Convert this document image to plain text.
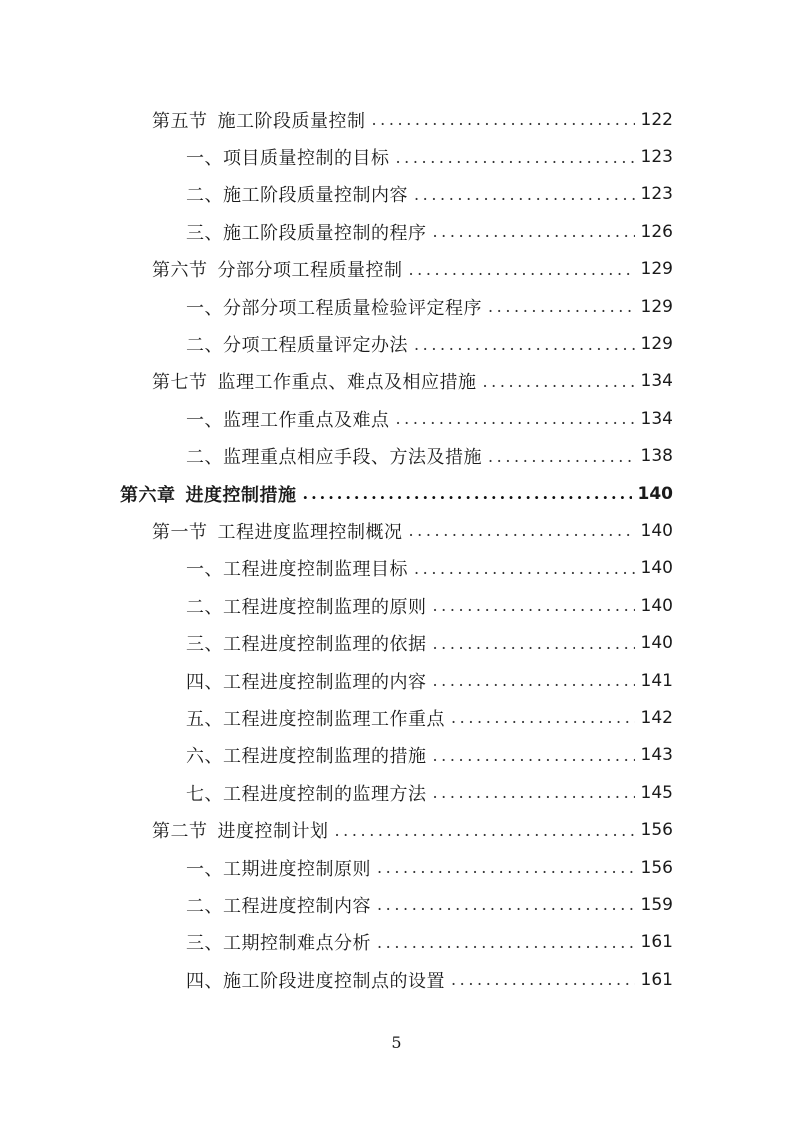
第五节 施工阶段质量控制 .....	122
一、项目质量控制的目标 .....	123
二、施工阶段质量控制内容 .....	123
三、施工阶段质量控制的程序 .....	126
第六节 分部分项工程质量控制 .....	129
一、分部分项工程质量检验评定程序 .....	129
二、分项工程质量评定办法 .....	129
第七节 监理工作重点、难点及相应措施 .....	134
一、监理工作重点及难点 .....	134
二、监理重点相应手段、方法及措施 .....	138
第六章 进度控制措施 .....	140
第一节 工程进度监理控制概况 .....	140
一、工程进度控制监理目标 .....	140
二、工程进度控制监理的原则 .....	140
三、工程进度控制监理的依据 .....	140
四、工程进度控制监理的内容 .....	141
五、工程进度控制监理工作重点 .....	142
六、工程进度控制监理的措施 .....	143
七、工程进度控制的监理方法 .....	145
第二节 进度控制计划 .....	156
一、工期进度控制原则 .....	156
二、工程进度控制内容 .....	159
三、工期控制难点分析 .....	161
四、施工阶段进度控制点的设置 .....	161
5
